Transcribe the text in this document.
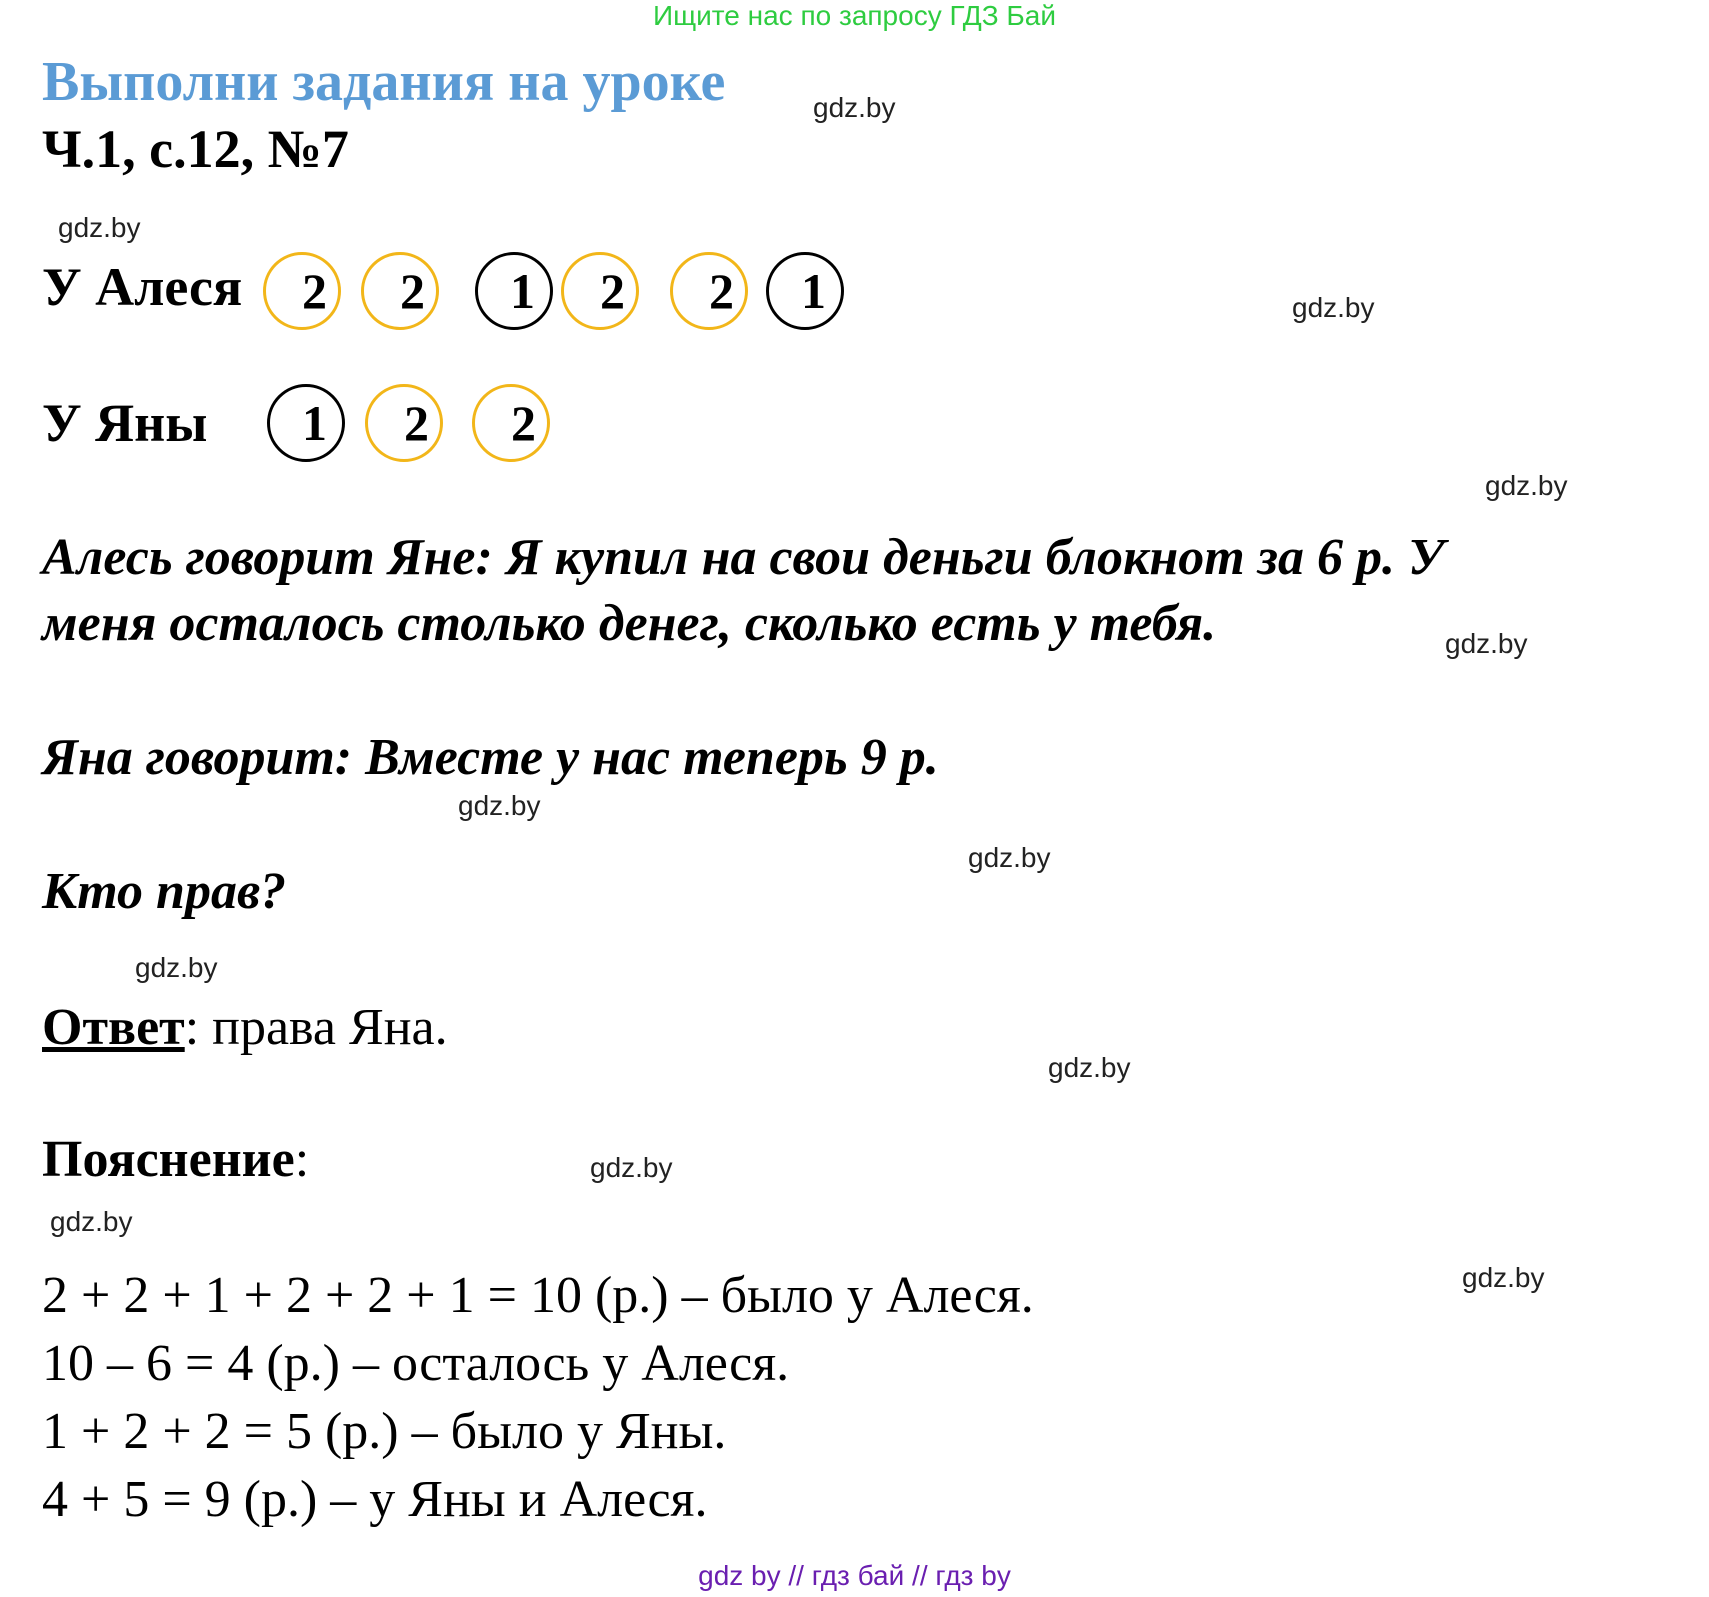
Ищите нас по запросу ГДЗ Бай
Выполни задания на уроке	gdz.by
Ч.1, с.12, №7
gdz.by
У Алеся 2 2 1 2 2 1	gdz.by
У Яны 1 2 2
gdz.by
Алесь говорит Яне: Я купил на свои деньги блокнот за 6 р. У
меня осталось столько денег, сколько есть у тебя.	gdz.by
Яна говорит: Вместе у нас теперь 9 р.
gdz.by
gdz.by
Кто прав?
gdz.by
Ответ: права Яна.
gdz.by
Пояснение:	gdz.by
gdz.by
gdz.by
2 + 2 + 1 + 2 + 2 + 1 = 10 (р.) – было у Алеся.
10 – 6 = 4 (р.) – осталось у Алеся.
1 + 2 + 2 = 5 (р.) – было у Яны.
4 + 5 = 9 (р.) – у Яны и Алеся.
gdz by // гдз бай // гдз by
